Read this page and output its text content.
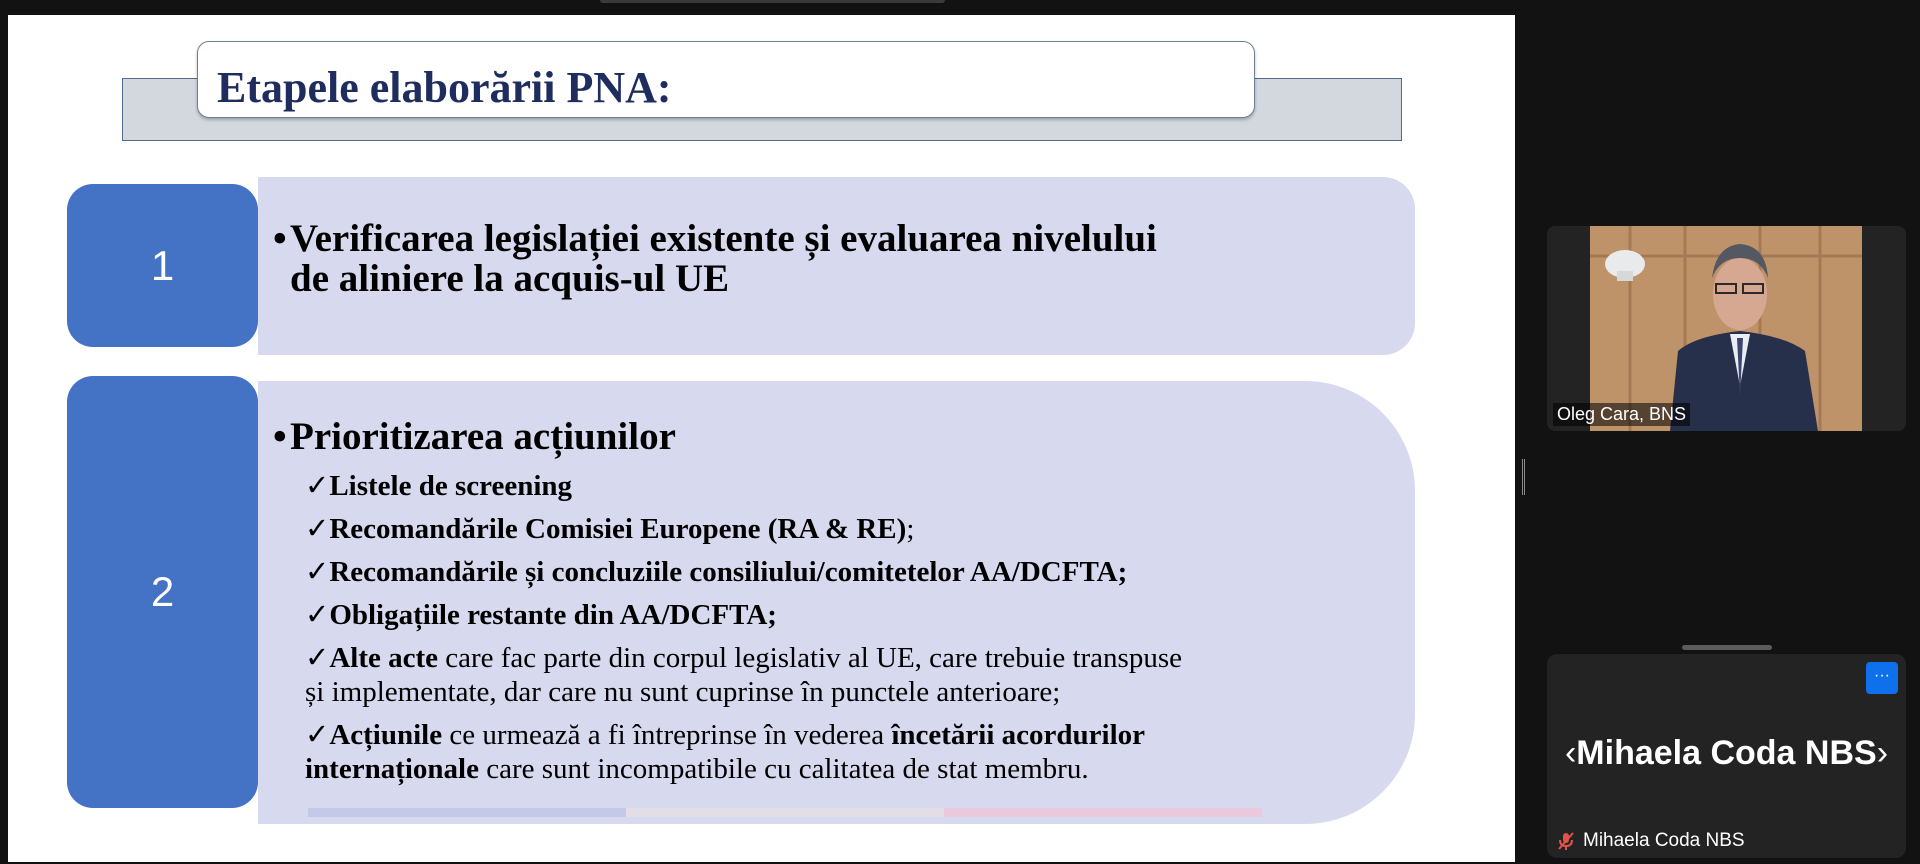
Etapele elaborării PNA:
1
•Verificarea legislației existente și evaluarea nivelului
de aliniere la acquis-ul UE
2
•Prioritizarea acțiunilor
✓Listele de screening
✓Recomandările Comisiei Europene (RA & RE);
✓Recomandările și concluziile consiliului/comitetelor AA/DCFTA;
✓Obligațiile restante din AA/DCFTA;
✓Alte acte care fac parte din corpul legislativ al UE, care trebuie transpuse
și implementate, dar care nu sunt cuprinse în punctele anterioare;
✓Acțiunile ce urmează a fi întreprinse în vederea încetării acordurilor
internaționale care sunt incompatibile cu calitatea de stat membru.
Oleg Cara, BNS
···
‹Mihaela Coda NBS›
Mihaela Coda NBS
